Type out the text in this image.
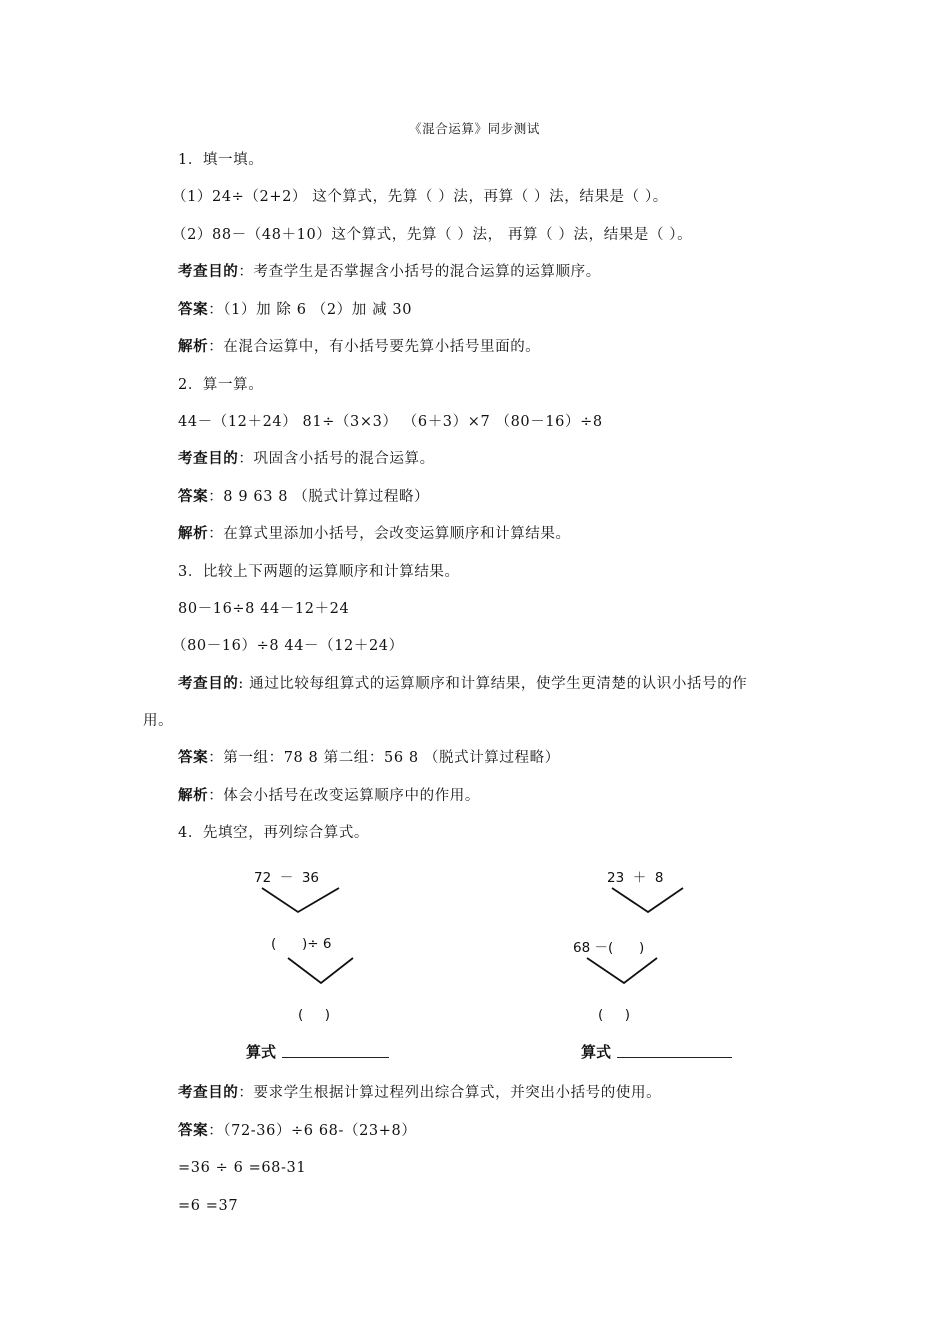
《混合运算》同步测试
1．填一填。
（1）24÷（2+2） 这个算式，先算（ ）法，再算（ ）法，结果是（ ）。
（2）88－（48＋10）这个算式，先算（ ）法， 再算（ ）法，结果是（ ）。
考查目的：考查学生是否掌握含小括号的混合运算的运算顺序。
答案：（1）加 除 6 （2）加 减 30
解析：在混合运算中，有小括号要先算小括号里面的。
2．算一算。
44－（12＋24） 81÷（3×3） （6＋3）×7 （80－16）÷8
考查目的：巩固含小括号的混合运算。
答案：8 9 63 8 （脱式计算过程略）
解析：在算式里添加小括号，会改变运算顺序和计算结果。
3．比较上下两题的运算顺序和计算结果。
80－16÷8 44－12＋24
（80－16）÷8 44－（12＋24）
考查目的: 通过比较每组算式的运算顺序和计算结果，使学生更清楚的认识小括号的作
用。
答案：第一组：78 8 第二组：56 8 （脱式计算过程略）
解析：体会小括号在改变运算顺序中的作用。
4．先填空，再列综合算式。
72  －  36
(      )÷ 6
(     )
算式
23  ＋  8
68 －(      )
(     )
算式
考查目的：要求学生根据计算过程列出综合算式，并突出小括号的使用。
答案：（72-36）÷6 68-（23+8）
=36 ÷ 6 =68-31
=6 =37
